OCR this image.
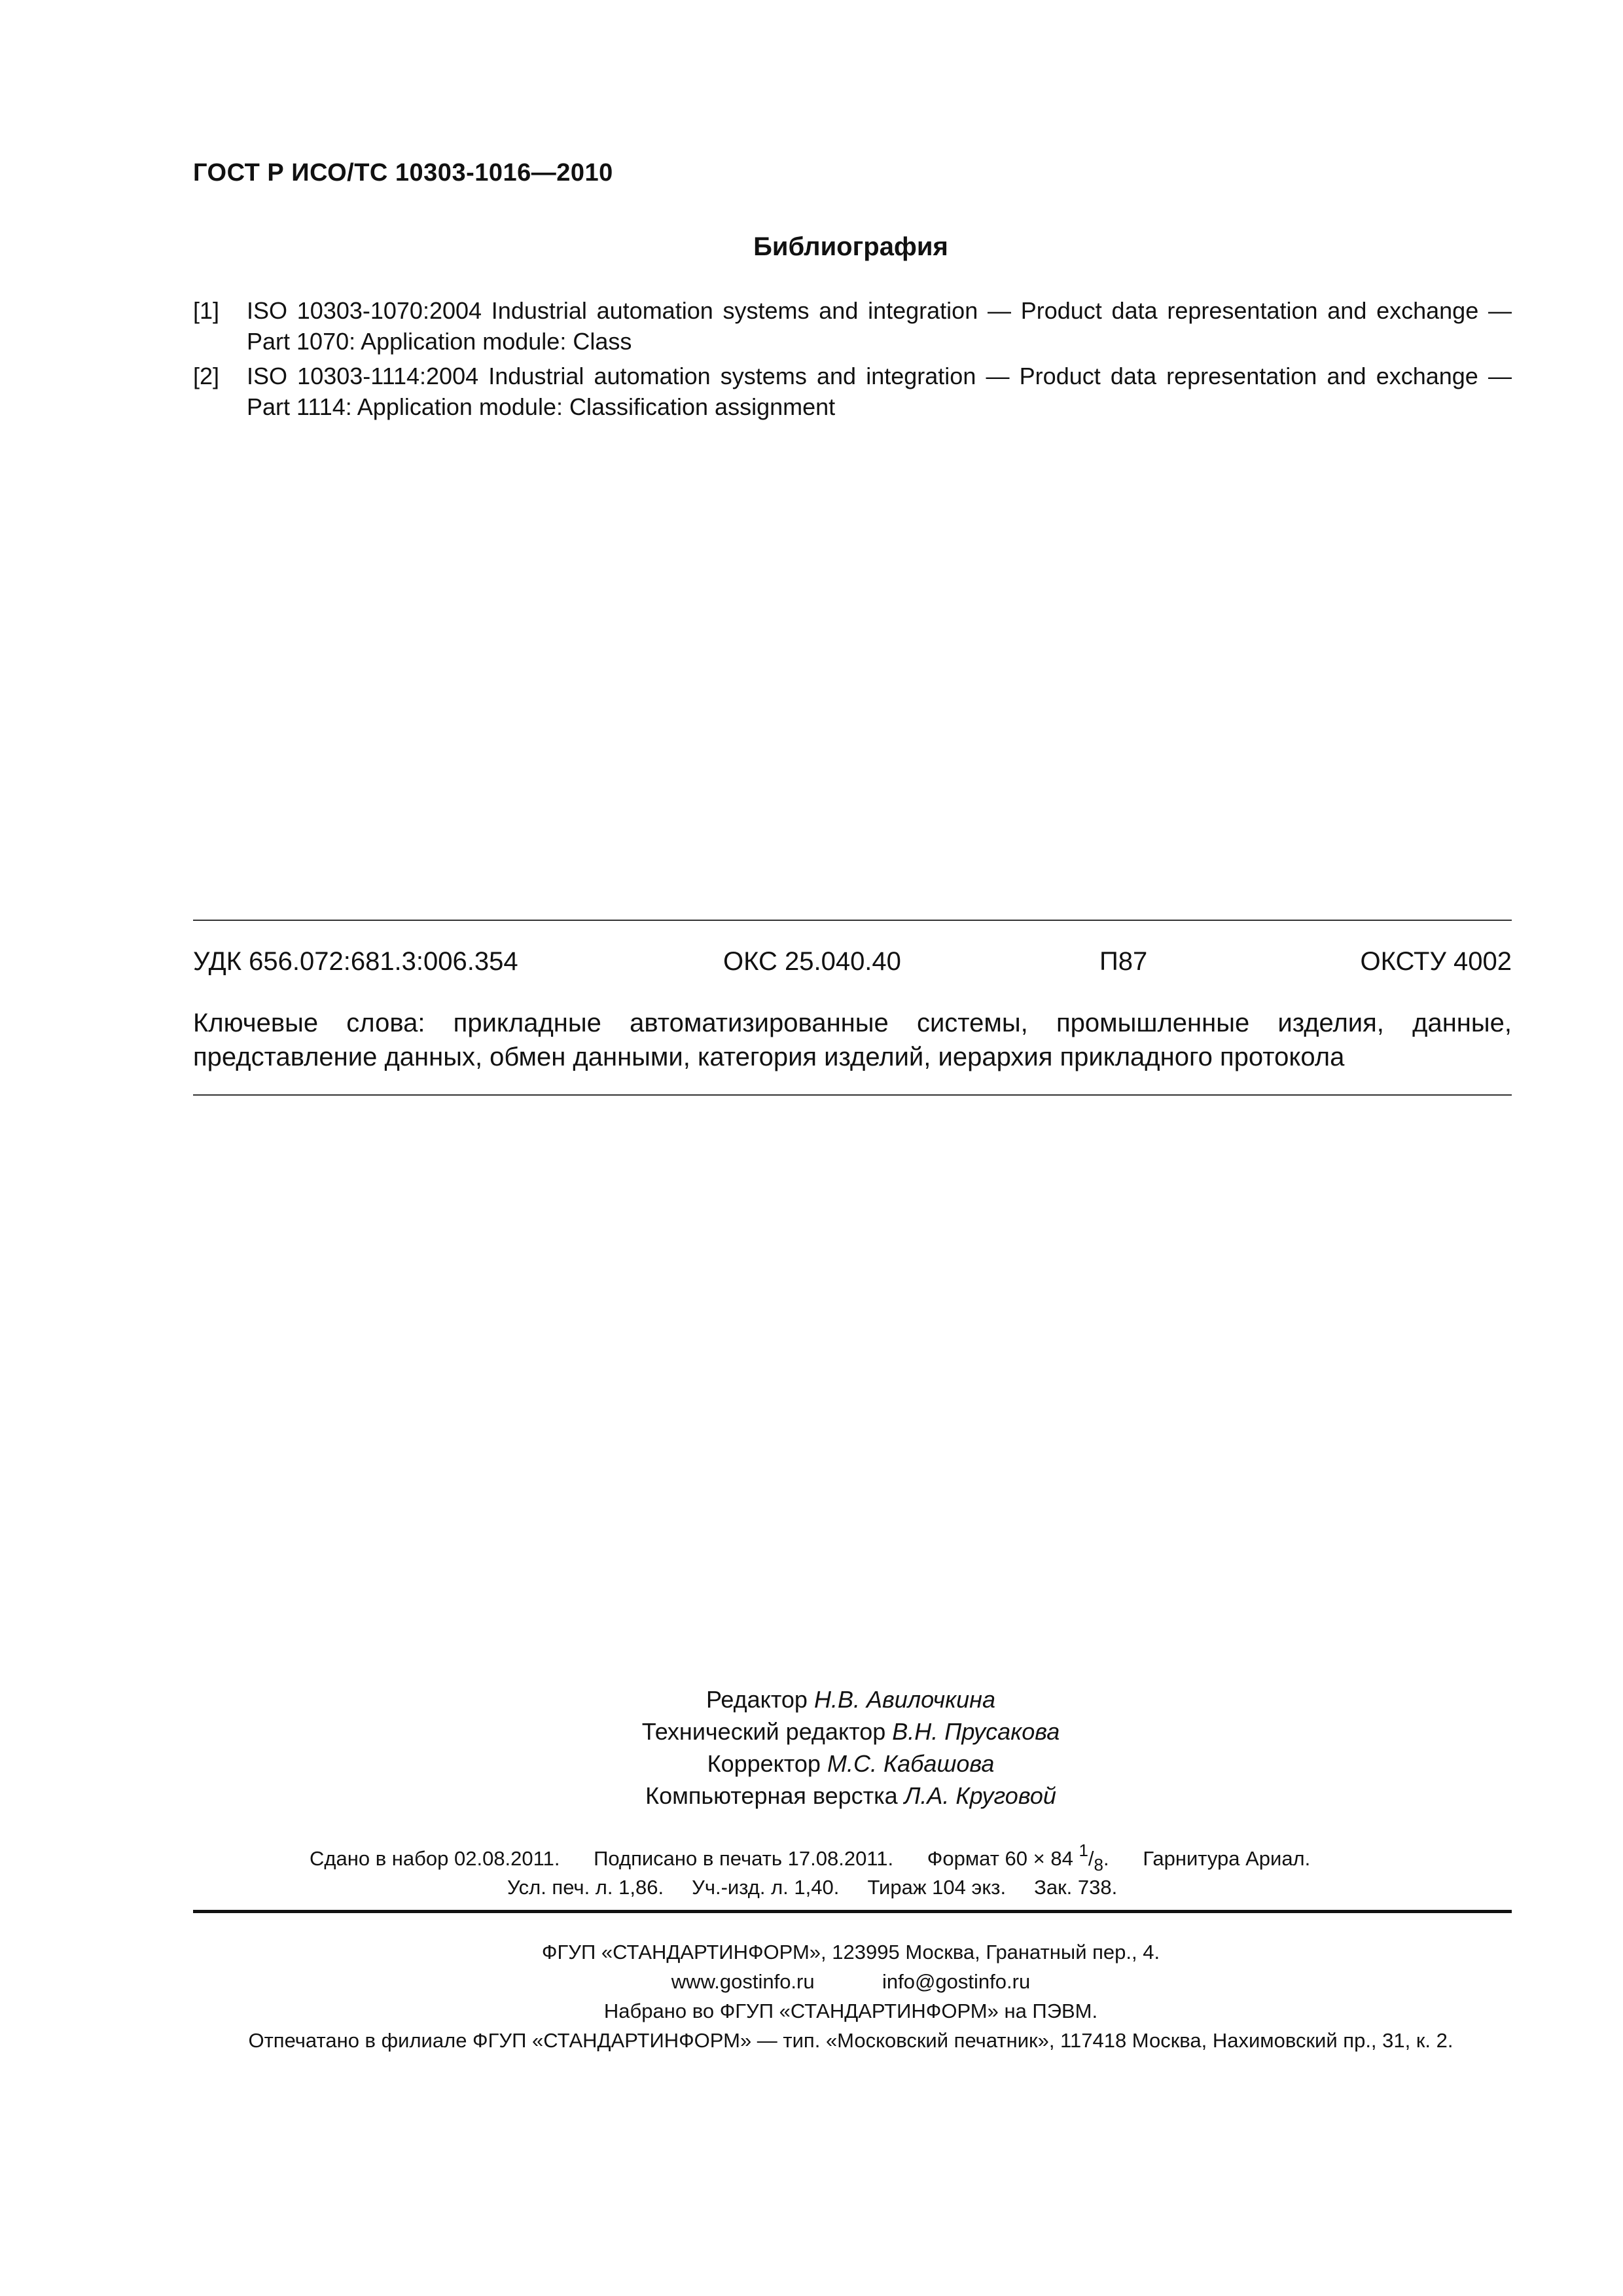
ГОСТ Р ИСО/ТС 10303-1016—2010
Библиография
[1] ISO 10303-1070:2004 Industrial automation systems and integration — Product data representation and exchange — Part 1070: Application module: Class
[2] ISO 10303-1114:2004 Industrial automation systems and integration — Product data representation and exchange — Part 1114: Application module: Classification assignment
УДК 656.072:681.3:006.354	ОКС 25.040.40	П87	ОКСТУ 4002
Ключевые слова: прикладные автоматизированные системы, промышленные изделия, данные, представление данных, обмен данными, категория изделий, иерархия прикладного протокола
Редактор Н.В. Авилочкина
Технический редактор В.Н. Прусакова
Корректор М.С. Кабашова
Компьютерная верстка Л.А. Круговой
Сдано в набор 02.08.2011. Подписано в печать 17.08.2011. Формат 60 × 84 $^1/_8$. Гарнитура Ариал.
Усл. печ. л. 1,86. Уч.-изд. л. 1,40. Тираж 104 экз. Зак. 738.
ФГУП «СТАНДАРТИНФОРМ», 123995 Москва, Гранатный пер., 4.
www.gostinfo.ru	info@gostinfo.ru
Набрано во ФГУП «СТАНДАРТИНФОРМ» на ПЭВМ.
Отпечатано в филиале ФГУП «СТАНДАРТИНФОРМ» — тип. «Московский печатник», 117418 Москва, Нахимовский пр., 31, к. 2.
